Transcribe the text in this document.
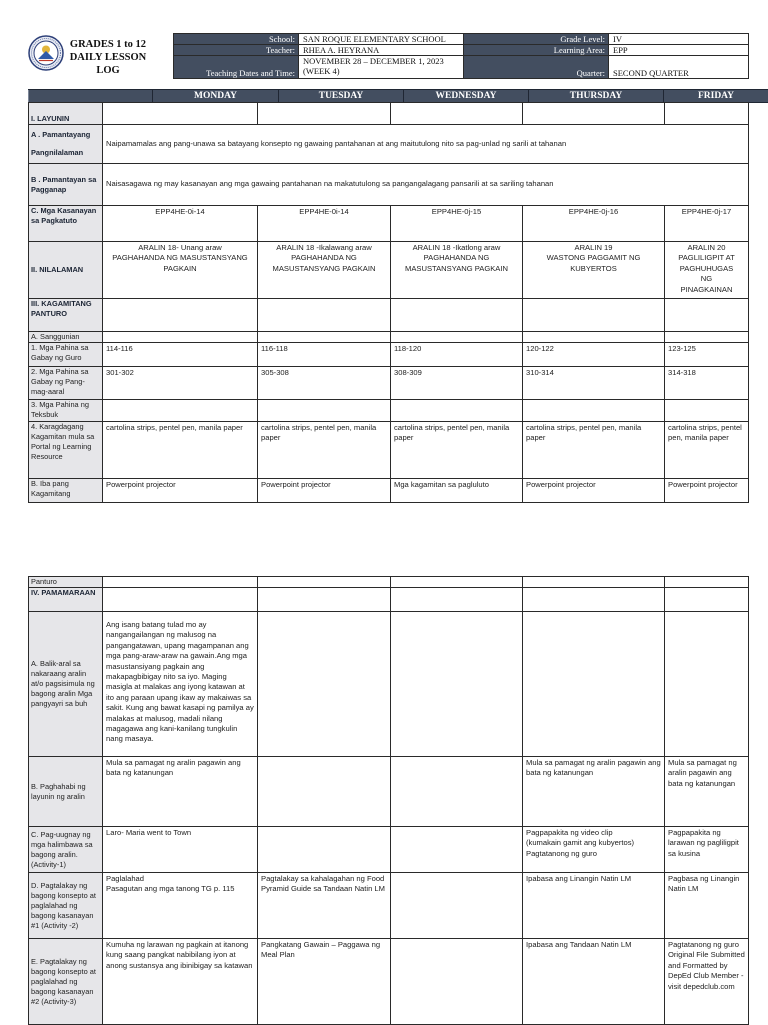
GRADES 1 to 12
DAILY LESSON
LOG
School:	SAN ROQUE ELEMENTARY SCHOOL	Grade Level:	IV
Teacher:	RHEA A. HEYRANA	Learning Area:	EPP
Teaching Dates and Time:	NOVEMBER 28 – DECEMBER 1, 2023
(WEEK 4)	Quarter:	SECOND QUARTER
	MONDAY	TUESDAY	WEDNESDAY	THURSDAY	FRIDAY
I. LAYUNIN					
A . Pamantayang Pangnilalaman	Naipamamalas ang pang-unawa sa batayang konsepto ng gawaing pantahanan at ang maitutulong nito sa pag-unlad ng sarili at tahanan				
B . Pamantayan sa Pagganap	Naisasagawa ng may kasanayan ang mga gawaing pantahanan na makatutulong sa pangangalagang pansarili at sa sariling tahanan				
C. Mga Kasanayan sa Pagkatuto	EPP4HE-0i-14	EPP4HE-0i-14	EPP4HE-0j-15	EPP4HE-0j-16	EPP4HE-0j-17
II. NILALAMAN	ARALIN 18- Unang araw
PAGHAHANDA NG MASUSTANSYANG
PAGKAIN	ARALIN 18 -Ikalawang araw
PAGHAHANDA NG
MASUSTANSYANG PAGKAIN	ARALIN 18 -Ikatlong araw
PAGHAHANDA NG
MASUSTANSYANG PAGKAIN	ARALIN 19
WASTONG PAGGAMIT NG
KUBYERTOS	ARALIN 20
PAGLILIGPIT AT
PAGHUHUGAS
NG
PINAGKAINAN
III. KAGAMITANG PANTURO					
A. Sanggunian					
1. Mga Pahina sa Gabay ng Guro	114-116	116-118	118-120	120-122	123-125
2. Mga Pahina sa Gabay ng Pang-mag-aaral	301-302	305-308	308-309	310-314	314-318
3. Mga Pahina ng Teksbuk					
4. Karagdagang Kagamitan mula sa Portal ng Learning Resource	cartolina strips, pentel pen, manila paper	cartolina strips, pentel pen, manila paper	cartolina strips, pentel pen, manila paper	cartolina strips, pentel pen, manila paper	cartolina strips, pentel pen, manila paper
B. Iba pang Kagamitang	Powerpoint projector	Powerpoint projector	Mga kagamitan sa pagluluto	Powerpoint projector	Powerpoint projector
Panturo					
IV. PAMAMARAAN					
A. Balik-aral sa nakaraang aralin at/o pagsisimula ng bagong aralin Mga pangyayri sa buh	Ang isang batang tulad mo ay nangangailangan ng malusog na pangangatawan, upang magampanan ang mga pang-araw-araw na gawain.Ang mga masustansiyang pagkain ang makapagbibigay nito sa iyo. Maging masigla at malakas ang iyong katawan at ito ang paraan upang ikaw ay makaiwas sa sakit. Kung ang bawat kasapi ng pamilya ay malakas at malusog, madali nilang magagawa ang kani-kanilang tungkulin nang masaya.				
B. Paghahabi ng layunin ng aralin	Mula sa pamagat ng aralin pagawin ang bata ng katanungan			Mula sa pamagat ng aralin pagawin ang bata ng katanungan	Mula sa pamagat ng aralin pagawin ang bata ng katanungan
C. Pag-uugnay ng mga halimbawa sa bagong aralin. (Activity-1)	Laro- Maria went to Town			Pagpapakita ng video clip
(kumakain gamit ang kubyertos)
Pagtatanong ng guro	Pagpapakita ng larawan ng pagliligpit sa kusina
D. Pagtalakay ng bagong konsepto at paglalahad ng bagong kasanayan #1 (Activity -2)	Paglalahad
Pasagutan ang mga tanong TG p. 115	Pagtalakay sa kahalagahan ng Food Pyramid Guide sa Tandaan Natin LM		Ipabasa ang Linangin Natin LM	Pagbasa ng Linangin Natin LM
E. Pagtalakay ng bagong konsepto at paglalahad ng bagong kasanayan #2 (Activity-3)	Kumuha ng larawan ng pagkain at itanong kung saang pangkat nabibilang iyon at anong sustansya ang ibinibigay sa katawan	Pangkatang Gawain – Paggawa ng Meal Plan		Ipabasa ang Tandaan Natin LM	Pagtatanong ng guro
Original File Submitted and Formatted by DepEd Club Member - visit depedclub.com
